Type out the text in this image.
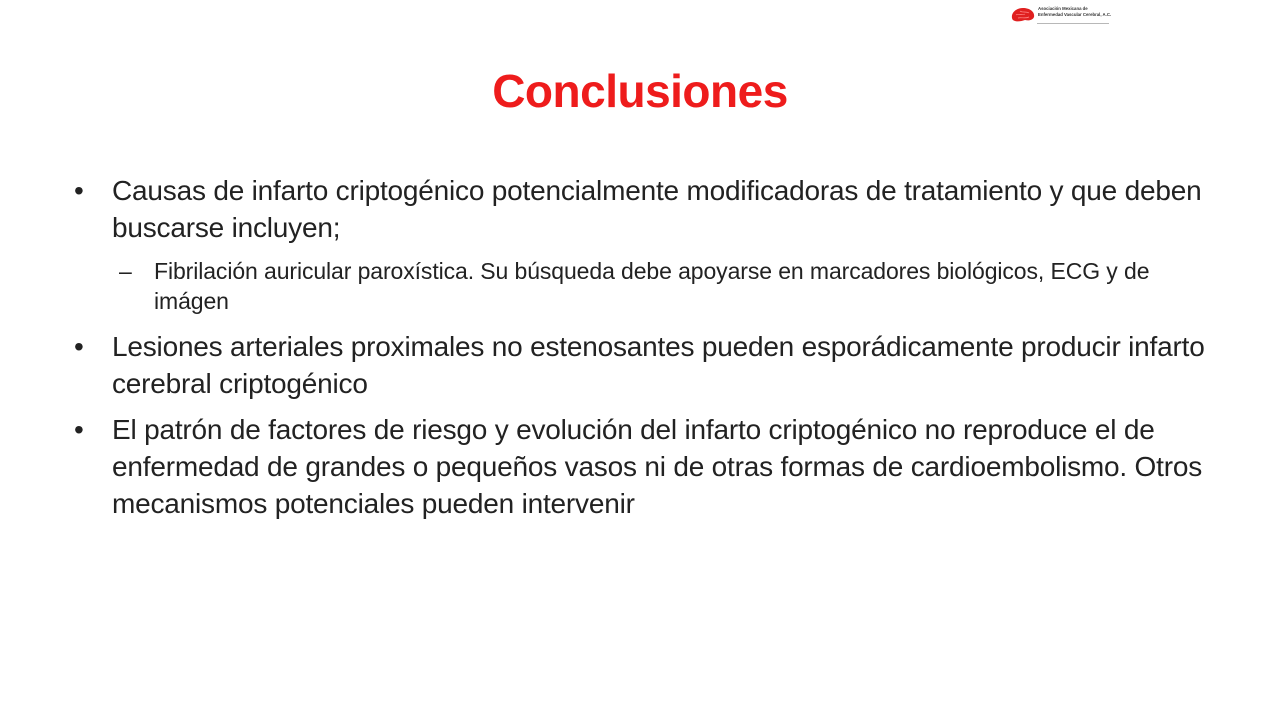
Asociación Mexicana de
Enfermedad Vascular Cerebral, A.C.
Conclusiones
• Causas de infarto criptogénico potencialmente modificadoras de tratamiento y que deben buscarse incluyen;
– Fibrilación auricular paroxística. Su búsqueda debe apoyarse en marcadores biológicos, ECG y de imágen
• Lesiones arteriales proximales no estenosantes pueden esporádicamente producir infarto cerebral criptogénico
• El patrón de factores de riesgo y evolución del infarto criptogénico no reproduce el de enfermedad de grandes o pequeños vasos ni de otras formas de cardioembolismo. Otros mecanismos potenciales pueden intervenir
